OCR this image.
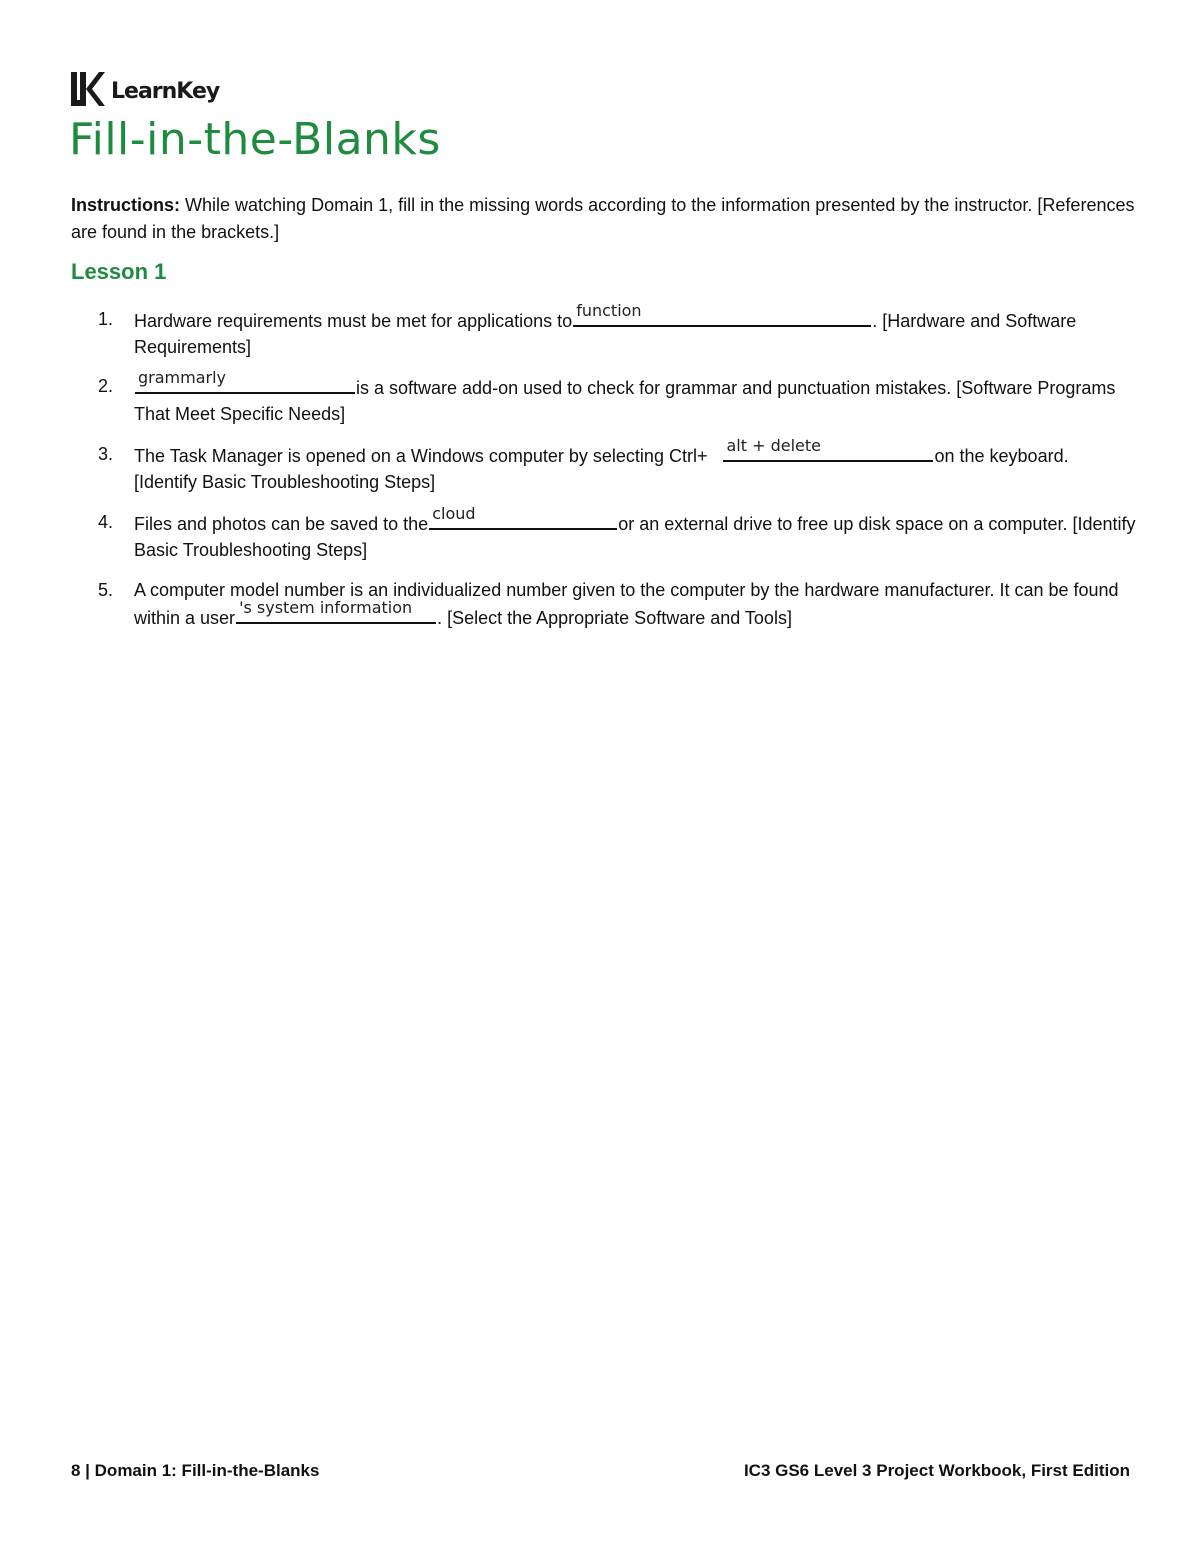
LearnKey
Fill-in-the-Blanks

Instructions: While watching Domain 1, fill in the missing words according to the information presented by the instructor. [References are found in the brackets.]

Lesson 1
1. Hardware requirements must be met for applications to
function
. [Hardware and Software Requirements]
2. grammarly
is a software add-on used to check for grammar and punctuation mistakes. [Software Programs That Meet Specific Needs]
3. The Task Manager is opened on a Windows computer by selecting Ctrl+
alt + delete
on the keyboard. [Identify Basic Troubleshooting Steps]
4. Files and photos can be saved to the
cloud
or an external drive to free up disk space on a computer. [Identify Basic Troubleshooting Steps]
5. A computer model number is an individualized number given to the computer by the hardware manufacturer. It can be found within a user
's system information
. [Select the Appropriate Software and Tools]
8 | Domain 1: Fill-in-the-Blanks	IC3 GS6 Level 3 Project Workbook, First Edition
